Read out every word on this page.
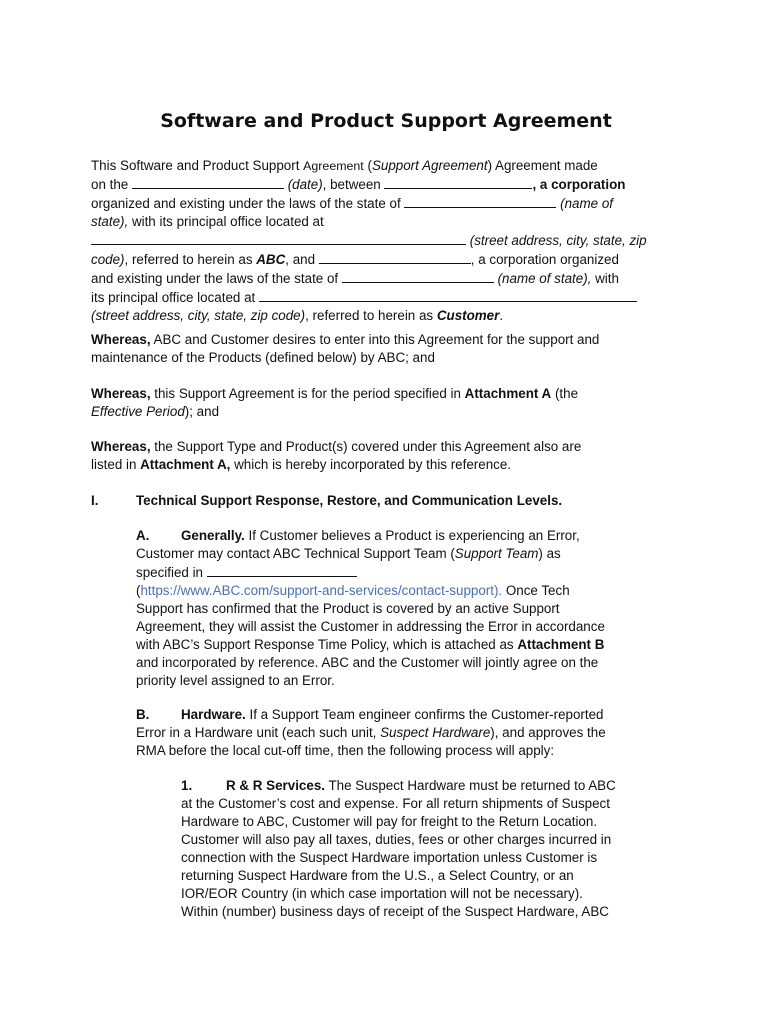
Software and Product Support Agreement
This Software and Product Support Agreement (Support Agreement) Agreement made
on the	(date), between	, a corporation
organized and existing under the laws of the state of	(name of
state), with its principal office located at
(street address, city, state, zip
code), referred to herein as ABC, and	, a corporation organized
and existing under the laws of the state of	(name of state), with
its principal office located at
(street address, city, state, zip code), referred to herein as Customer.
Whereas, ABC and Customer desires to enter into this Agreement for the support and
maintenance of the Products (defined below) by ABC; and
Whereas, this Support Agreement is for the period specified in Attachment A (the
Effective Period); and
Whereas, the Support Type and Product(s) covered under this Agreement also are
listed in Attachment A, which is hereby incorporated by this reference.
I.	Technical Support Response, Restore, and Communication Levels.
A. Generally. If Customer believes a Product is experiencing an Error,
Customer may contact ABC Technical Support Team (Support Team) as
specified in
(https://www.ABC.com/support-and-services/contact-support). Once Tech
Support has confirmed that the Product is covered by an active Support
Agreement, they will assist the Customer in addressing the Error in accordance
with ABC’s Support Response Time Policy, which is attached as Attachment B
and incorporated by reference. ABC and the Customer will jointly agree on the
priority level assigned to an Error.
B. Hardware. If a Support Team engineer confirms the Customer-reported
Error in a Hardware unit (each such unit, Suspect Hardware), and approves the
RMA before the local cut-off time, then the following process will apply:
1.	R & R Services. The Suspect Hardware must be returned to ABC
at the Customer’s cost and expense. For all return shipments of Suspect
Hardware to ABC, Customer will pay for freight to the Return Location.
Customer will also pay all taxes, duties, fees or other charges incurred in
connection with the Suspect Hardware importation unless Customer is
returning Suspect Hardware from the U.S., a Select Country, or an
IOR/EOR Country (in which case importation will not be necessary).
Within (number) business days of receipt of the Suspect Hardware, ABC
